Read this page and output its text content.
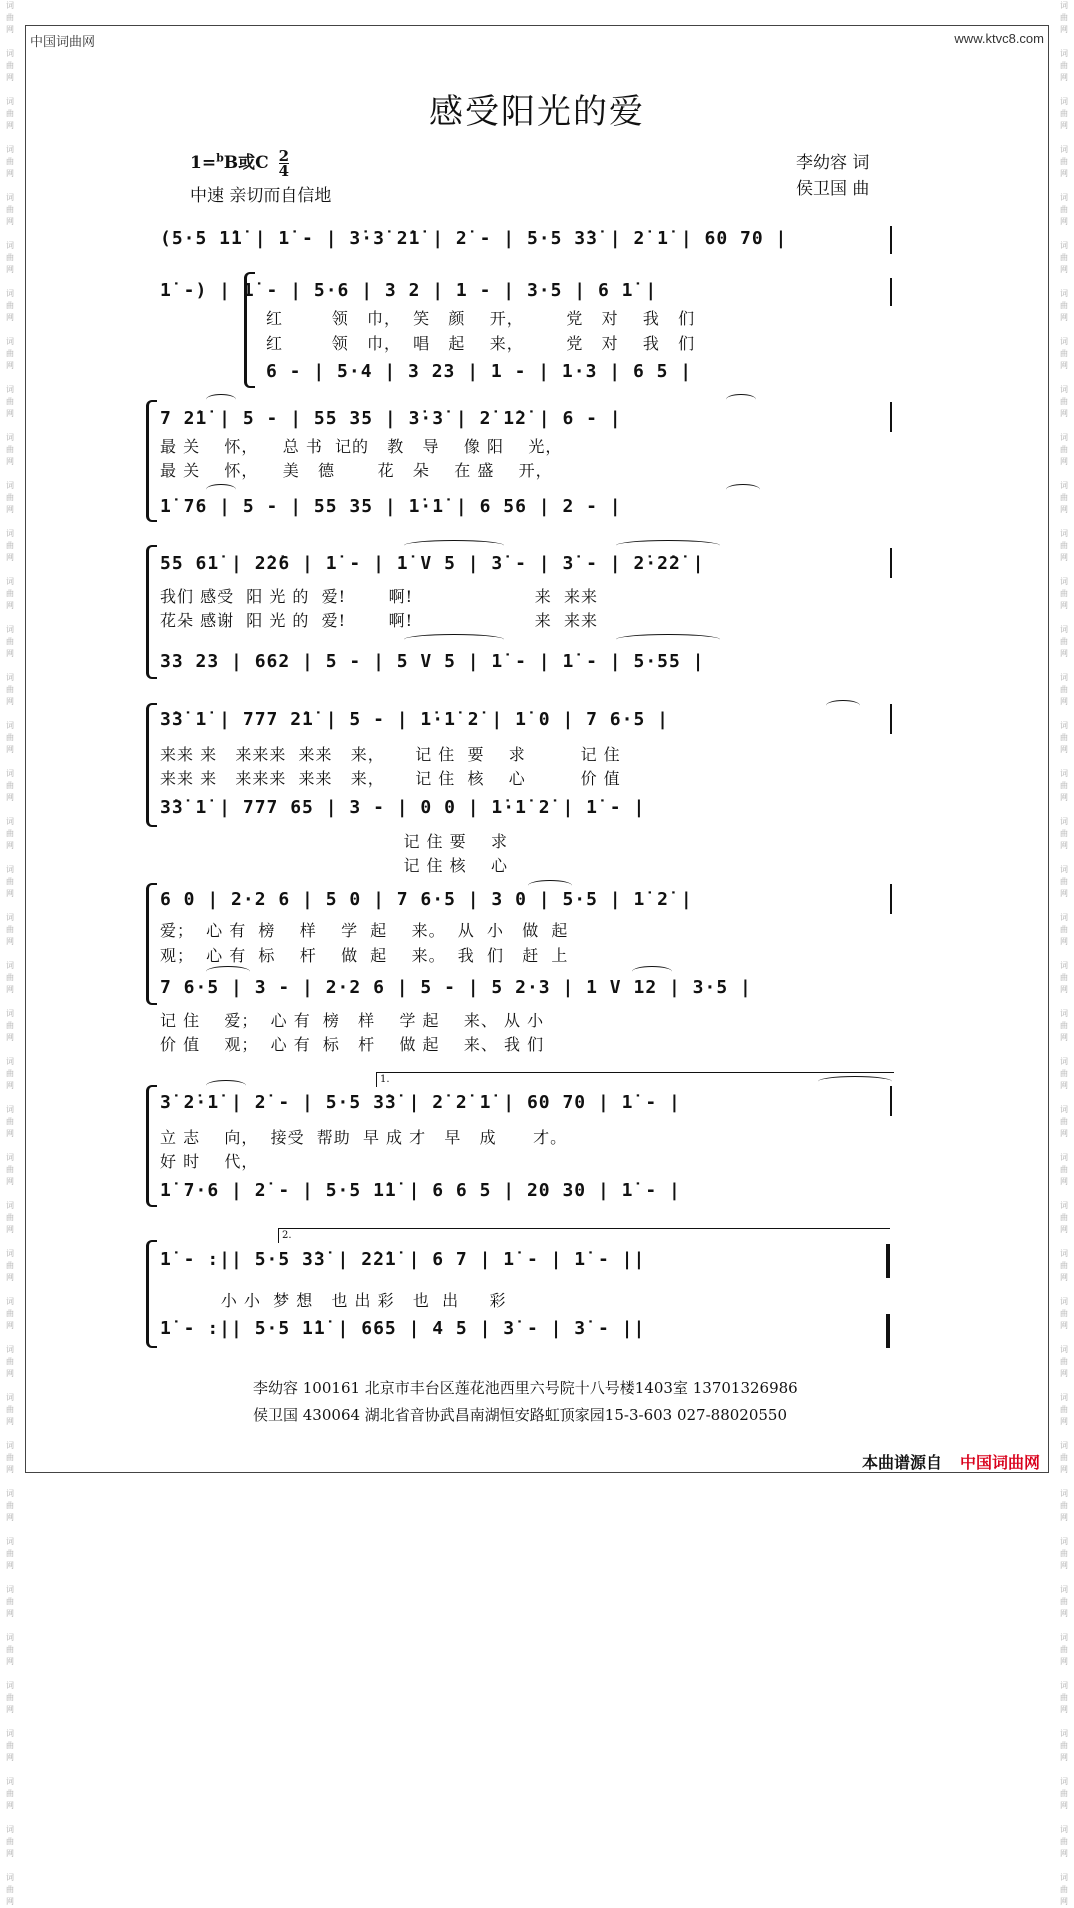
词
曲
网

词
曲
网

词
曲
网

词
曲
网

词
曲
网

词
曲
网

词
曲
网

词
曲
网

词
曲
网

词
曲
网

词
曲
网

词
曲
网

词
曲
网

词
曲
网

词
曲
网

词
曲
网

词
曲
网

词
曲
网

词
曲
网

词
曲
网

词
曲
网

词
曲
网

词
曲
网

词
曲
网

词
曲
网

词
曲
网

词
曲
网

词
曲
网

词
曲
网

词
曲
网

词
曲
网

词
曲
网

词
曲
网

词
曲
网

词
曲
网

词
曲
网

词
曲
网

词
曲
网

词
曲
网

词
曲
网

词
曲
网

词
曲
网

词
曲
网

词
曲
网

词
曲
网

词
曲
网

词
曲
网

词
曲
网

词
曲
网

词
曲
网

词
曲
网

词
曲
网

词
曲
网

词
曲
网

词
曲
网

词
曲
网

词
曲
网

词
曲
网

词
曲
网

词
曲
网

词
曲
网

词
曲
网

词
曲
网

词
曲
网

词
曲
网

词
曲
网

词
曲
网

词
曲
网

词
曲
网

词
曲
网

词
曲
网

词
曲
网

词
曲
网

词
曲
网

词
曲
网

词
曲
网

词
曲
网

词
曲
网

词
曲
网

词
曲
网

中国词曲网	www.ktvc8.com
感受阳光的爱
1=$^b$B或C $\frac{2}{4}$
中速 亲切而自信地
李幼容 词
侯卫国 曲
1.
2.
(5·5 1̇1̇ | 1̇ - | 3̇·3̇ 2̇1̇ | 2̇ - | 5·5 3̇3̇ | 2̇ 1̇ | 60 70 |
1̇ -) | 1̇ - | 5·6 | 3 2 | 1 - | 3·5 | 6 1̇ |
红        领   巾，  笑   颜    开，       党   对    我   们
红        领   巾，  唱   起    来，       党   对    我   们
6 - | 5·4 | 3 23 | 1 - | 1·3 | 6 5 |
7 2̇1̇ | 5 - | 55 35 | 3̇·3̇ | 2̇ 1̇2̇ | 6 - |
最 关    怀，    总 书  记的   教   导    像 阳    光，
最 关    怀，    美   德       花   朵    在 盛    开，
1̇ 76 | 5 - | 55 35 | 1̇·1̇ | 6 56 | 2 - |
55 61̇ | 2̇2̇6 | 1̇ - | 1̇ V 5 | 3̇ - | 3̇ - | 2̇·2̇2̇ |
我们 感受  阳 光 的  爱!       啊!                    来  来来
花朵 感谢  阳 光 的  爱!       啊!                    来  来来
33 23 | 662 | 5 - | 5 V 5 | 1̇ - | 1̇ - | 5·55 |
3̇3̇ 1̇ | 777 2̇1̇ | 5 - | 1̇·1̇ 2̇ | 1̇ 0 | 7 6·5 |
来来 来   来来来  来来   来，     记 住  要    求         记 住
来来 来   来来来  来来   来，     记 住  核    心         价 值
3̇3̇ 1̇ | 777 65 | 3 - | 0 0 | 1̇·1̇ 2̇ | 1̇ - |
记 住 要    求
记 住 核    心
6 0 | 2·2 6 | 5 0 | 7 6·5 | 3 0 | 5·5 | 1̇ 2̇ |
爱；  心 有  榜    样    学  起    来。  从  小   做  起
观；  心 有  标    杆    做  起    来。  我  们   赶  上
7 6·5 | 3 - | 2·2 6 | 5 - | 5 2·3 | 1 V 12 | 3·5 |
记 住    爱；  心 有  榜   样    学 起    来、 从 小
价 值    观；  心 有  标   杆    做 起    来、 我 们
3̇ 2̇·1̇ | 2̇ - | 5·5 3̇3̇ | 2̇ 2̇ 1̇ | 60 70 | 1̇ - |
立 志    向，  接受  帮助  早 成 才   早   成      才。
好 时    代，
1̇ 7·6 | 2̇ - | 5·5 1̇1̇ | 6 6 5 | 20 30 | 1̇ - |
1̇ - :|| 5·5 3̇3̇ | 2̇2̇1̇ | 6 7 | 1̇ - | 1̇ - ||
小 小  梦 想   也 出 彩   也  出     彩
1̇ - :|| 5·5 1̇1̇ | 665 | 4 5 | 3̇ - | 3̇ - ||
李幼容 100161 北京市丰台区莲花池西里六号院十八号楼1403室 13701326986
侯卫国 430064 湖北省音协武昌南湖恒安路虹顶家园15-3-603 027-88020550
本曲谱源自 中国词曲网
